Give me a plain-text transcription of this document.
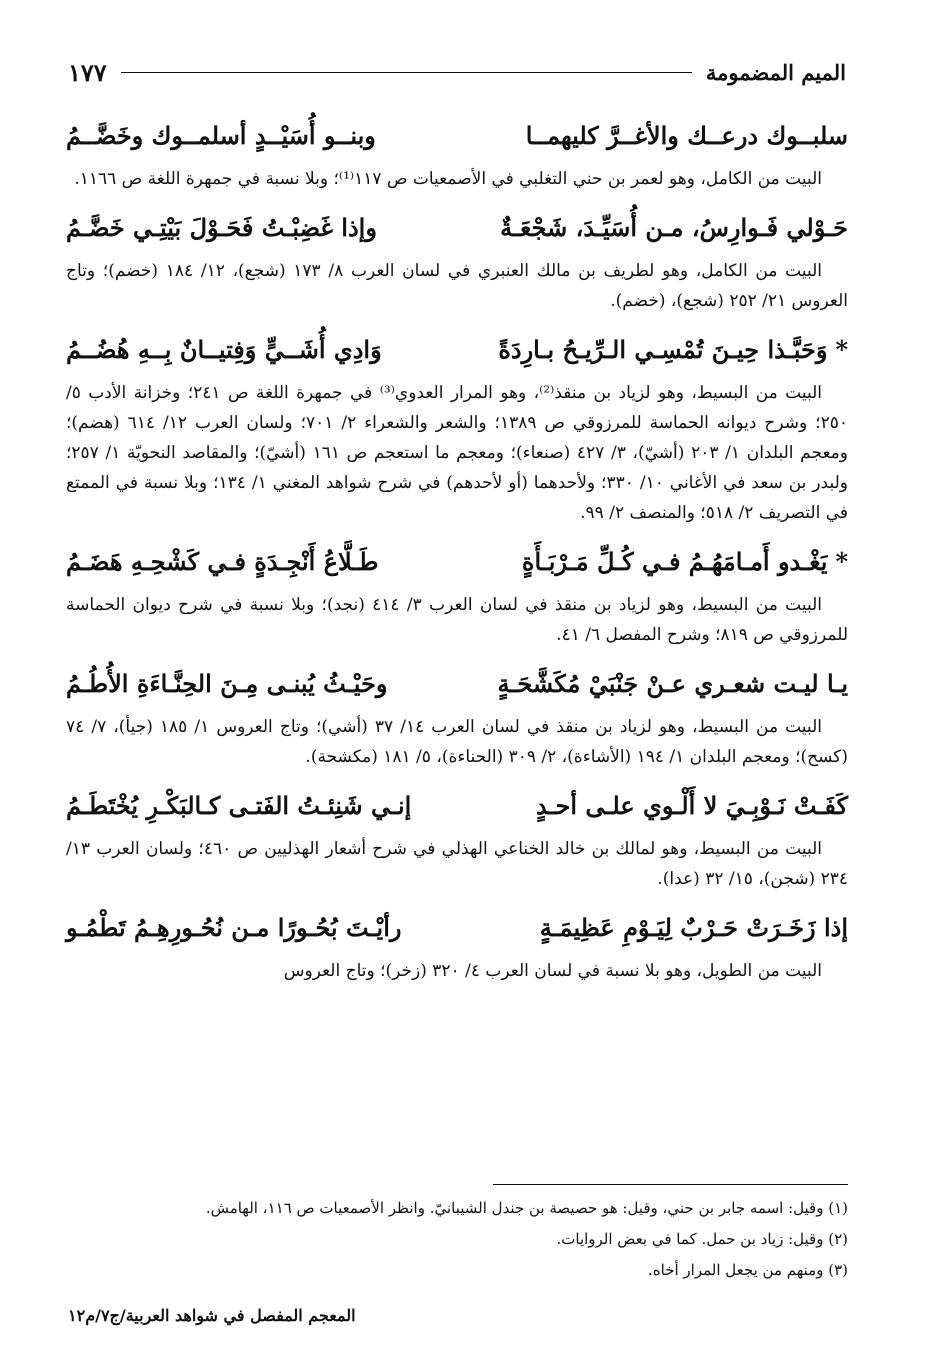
الميم المضمومة
١٧٧
سلبــوك درعــك والأغــرَّ كليهمــا
وبنــو أُسَيْــدٍ أسلمــوك وخَضَّــمُ

البيت من الكامل، وهو لعمر بن حني التغلبي في الأصمعيات ص ١١٧⁽¹⁾؛ وبلا نسبة في جمهرة اللغة ص ١١٦٦.

حَـوْلي فَـوارِسُ، مـن أُسَيِّـدَ، شَجْعَـةٌ
وإذا غَضِبْـتُ فَحَـوْلَ بَيْتِـي خَضَّـمُ

البيت من الكامل، وهو لطريف بن مالك العنبري في لسان العرب ٨/ ١٧٣ (شجع)، ١٢/ ١٨٤ (خضم)؛ وتاج العروس ٢١/ ٢٥٢ (شجع)، (خضم).

*وَحَبَّـذا حِيـنَ تُمْسِـي الـرِّيـحُ بـارِدَةً
وَادِي أُشَــيٍّ وَفِتيــانٌ بِــهِ هُضُــمُ

البيت من البسيط، وهو لزياد بن منقذ⁽²⁾، وهو المرار العدوي⁽³⁾ في جمهرة اللغة ص ٢٤١؛ وخزانة الأدب ٥/ ٢٥٠؛ وشرح ديوانه الحماسة للمرزوقي ص ١٣٨٩؛ والشعر والشعراء ٢/ ٧٠١؛ ولسان العرب ١٢/ ٦١٤ (هضم)؛ ومعجم البلدان ١/ ٢٠٣ (أشيّ)، ٣/ ٤٢٧ (صنعاء)؛ ومعجم ما استعجم ص ١٦١ (أشيّ)؛ والمقاصد النحويّة ١/ ٢٥٧؛ ولبدر بن سعد في الأغاني ١٠/ ٣٣٠؛ ولأحدهما (أو لأحدهم) في شرح شواهد المغني ١/ ١٣٤؛ وبلا نسبة في الممتع في التصريف ٢/ ٥١٨؛ والمنصف ٢/ ٩٩.

*يَغْـدو أَمـامَهُـمُ فـي كُـلِّ مَـرْبَـأَةٍ
طَـلَّاعُ أَنْجِـدَةٍ فـي كَشْحِـهِ هَضَـمُ

البيت من البسيط، وهو لزياد بن منقذ في لسان العرب ٣/ ٤١٤ (نجد)؛ وبلا نسبة في شرح ديوان الحماسة للمرزوقي ص ٨١٩؛ وشرح المفصل ٦/ ٤١.

يـا ليـت شعـري عـنْ جَنْبَيْ مُكَشَّحَـةٍ
وحَيْـثُ يُبنـى مِـنَ الحِنَّـاءَةِ الأُطُـمُ

البيت من البسيط، وهو لزياد بن منقذ في لسان العرب ١٤/ ٣٧ (أشي)؛ وتاج العروس ١/ ١٨٥ (جيأ)، ٧/ ٧٤ (كسح)؛ ومعجم البلدان ١/ ١٩٤ (الأشاءة)، ٢/ ٣٠٩ (الحناءة)، ٥/ ١٨١ (مكشحة).

كَفَـتْ نَـوْبِـيَ لا أَلْـوي علـى أحـدٍ
إنـي شَنِئـتُ الفَتـى كـالبَكْـرِ يُخْتَطَـمُ

البيت من البسيط، وهو لمالك بن خالد الخناعي الهذلي في شرح أشعار الهذليين ص ٤٦٠؛ ولسان العرب ١٣/ ٢٣٤ (شجن)، ١٥/ ٣٢ (عدا).

إذا زَخَـرَتْ حَـرْبٌ لِيَـوْمِ عَظِيمَـةٍ
رأيْـتَ بُحُـورًا مـن نُحُـورِهِـمُ تَطْمُـو

البيت من الطويل، وهو بلا نسبة في لسان العرب ٤/ ٣٢٠ (زخر)؛ وتاج العروس

(١) وقيل: اسمه جابر بن حني، وقيل: هو حصيصة بن جندل الشيبانيّ. وانظر الأصمعيات ص ١١٦، الهامش.
(٢) وقيل: زياد بن حمل. كما في بعض الروايات.
(٣) ومنهم من يجعل المرار أخاه.
المعجم المفصل في شواهد العربية/ج٧/م١٢
